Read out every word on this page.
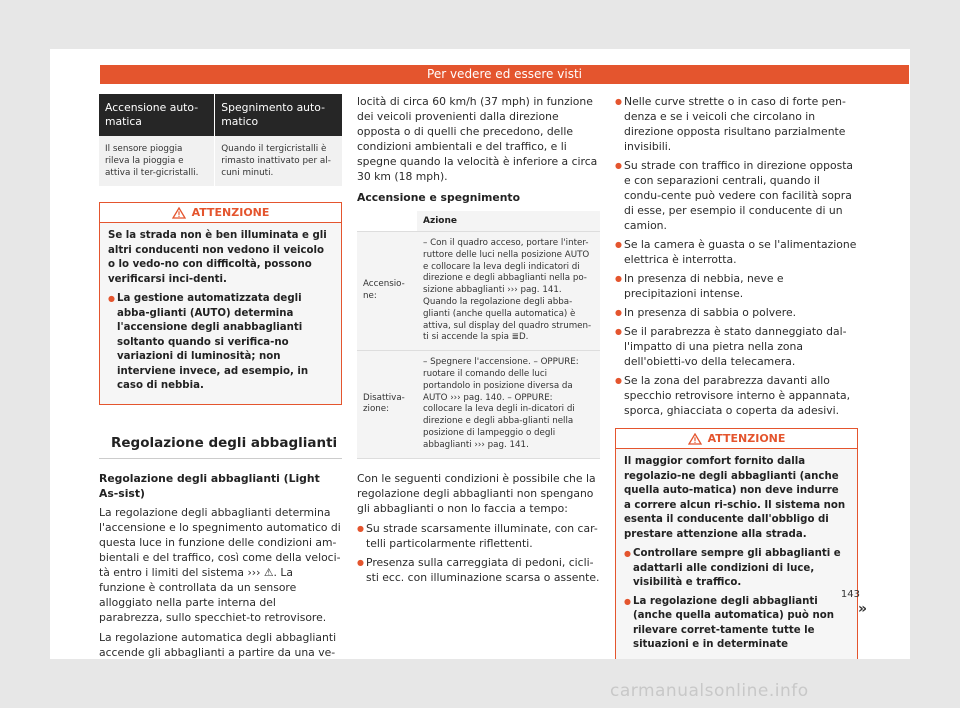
Per vedere ed essere visti
Accensione auto-matica	Spegnimento auto-matico
Il sensore pioggia rileva la pioggia e attiva il ter-gicristalli.	Quando il tergicristalli è rimasto inattivato per al-cuni minuti.
ATTENZIONE

Se la strada non è ben illuminata e gli altri conducenti non vedono il veicolo o lo vedo-no con difficoltà, possono verificarsi inci-denti.

● La gestione automatizzata degli abba-glianti (AUTO) determina l'accensione degli anabbaglianti soltanto quando si verifica-no variazioni di luminosità; non interviene invece, ad esempio, in caso di nebbia.
Regolazione degli abbaglianti
Regolazione degli abbaglianti (Light As-sist)

La regolazione degli abbaglianti determina l'accensione e lo spegnimento automatico di questa luce in funzione delle condizioni am-bientali e del traffico, così come della veloci-tà entro i limiti del sistema ››› ⚠. La funzione è controllata da un sensore alloggiato nella parte interna del parabrezza, sullo specchiet-to retrovisore.

La regolazione automatica degli abbaglianti accende gli abbaglianti a partire da una ve-

locità di circa 60 km/h (37 mph) in funzione dei veicoli provenienti dalla direzione opposta o di quelli che precedono, delle condizioni ambientali e del traffico, e li spegne quando la velocità è inferiore a circa 30 km (18 mph).

Accensione e spegnimento
	Azione
Accensio-ne:	– Con il quadro acceso, portare l'inter-ruttore delle luci nella posizione AUTO e collocare la leva degli indicatori di direzione e degli abbaglianti nella po-sizione abbaglianti ››› pag. 141. Quando la regolazione degli abba-glianti (anche quella automatica) è attiva, sul display del quadro strumen-ti si accende la spia ≣D.
Disattiva-zione:	– Spegnere l'accensione. – OPPURE: ruotare il comando delle luci portandolo in posizione diversa da AUTO ››› pag. 140. – OPPURE: collocare la leva degli in-dicatori di direzione e degli abba-glianti nella posizione di lampeggio o degli abbaglianti ››› pag. 141.

Con le seguenti condizioni è possibile che la regolazione degli abbaglianti non spengano gli abbaglianti o non lo faccia a tempo:

● Su strade scarsamente illuminate, con car-telli particolarmente riflettenti.
● Presenza sulla carreggiata di pedoni, cicli-sti ecc. con illuminazione scarsa o assente.
● Nelle curve strette o in caso di forte pen-denza e se i veicoli che circolano in direzione opposta risultano parzialmente invisibili.
● Su strade con traffico in direzione opposta e con separazioni centrali, quando il condu-cente può vedere con facilità sopra di esse, per esempio il conducente di un camion.
● Se la camera è guasta o se l'alimentazione elettrica è interrotta.
● In presenza di nebbia, neve e precipitazioni intense.
● In presenza di sabbia o polvere.
● Se il parabrezza è stato danneggiato dal-l'impatto di una pietra nella zona dell'obietti-vo della telecamera.
● Se la zona del parabrezza davanti allo specchio retrovisore interno è appannata, sporca, ghiacciata o coperta da adesivi.
ATTENZIONE

Il maggior comfort fornito dalla regolazio-ne degli abbaglianti (anche quella auto-matica) non deve indurre a correre alcun ri-schio. Il sistema non esenta il conducente dall'obbligo di prestare attenzione alla strada.

● Controllare sempre gli abbaglianti e adattarli alle condizioni di luce, visibilità e traffico.
● La regolazione degli abbaglianti (anche quella automatica) può non rilevare corret-tamente tutte le situazioni e in determinate
»
143
carmanualsonline.info
